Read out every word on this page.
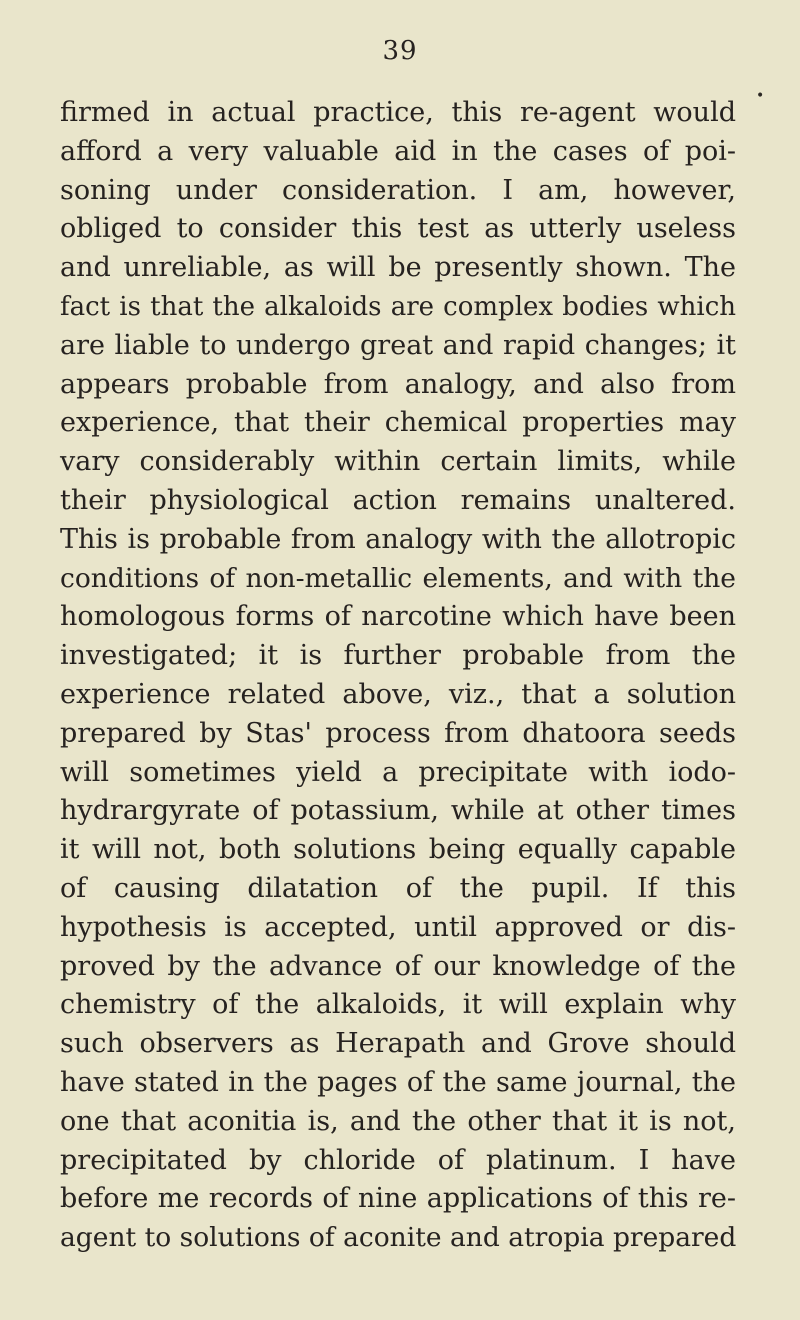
39
•
firmed in actual practice, this re-agent would
afford a very valuable aid in the cases of poi-
soning under consideration. I am, however,
obliged to consider this test as utterly useless
and unreliable, as will be presently shown. The
fact is that the alkaloids are complex bodies which
are liable to undergo great and rapid changes; it
appears probable from analogy, and also from
experience, that their chemical properties may
vary considerably within certain limits, while
their physiological action remains unaltered.
This is probable from analogy with the allotropic
conditions of non-metallic elements, and with the
homologous forms of narcotine which have been
investigated; it is further probable from the
experience related above, viz., that a solution
prepared by Stas' process from dhatoora seeds
will sometimes yield a precipitate with iodo-
hydrargyrate of potassium, while at other times
it will not, both solutions being equally capable
of causing dilatation of the pupil. If this
hypothesis is accepted, until approved or dis-
proved by the advance of our knowledge of the
chemistry of the alkaloids, it will explain why
such observers as Herapath and Grove should
have stated in the pages of the same journal, the
one that aconitia is, and the other that it is not,
precipitated by chloride of platinum. I have
before me records of nine applications of this re-
agent to solutions of aconite and atropia prepared
